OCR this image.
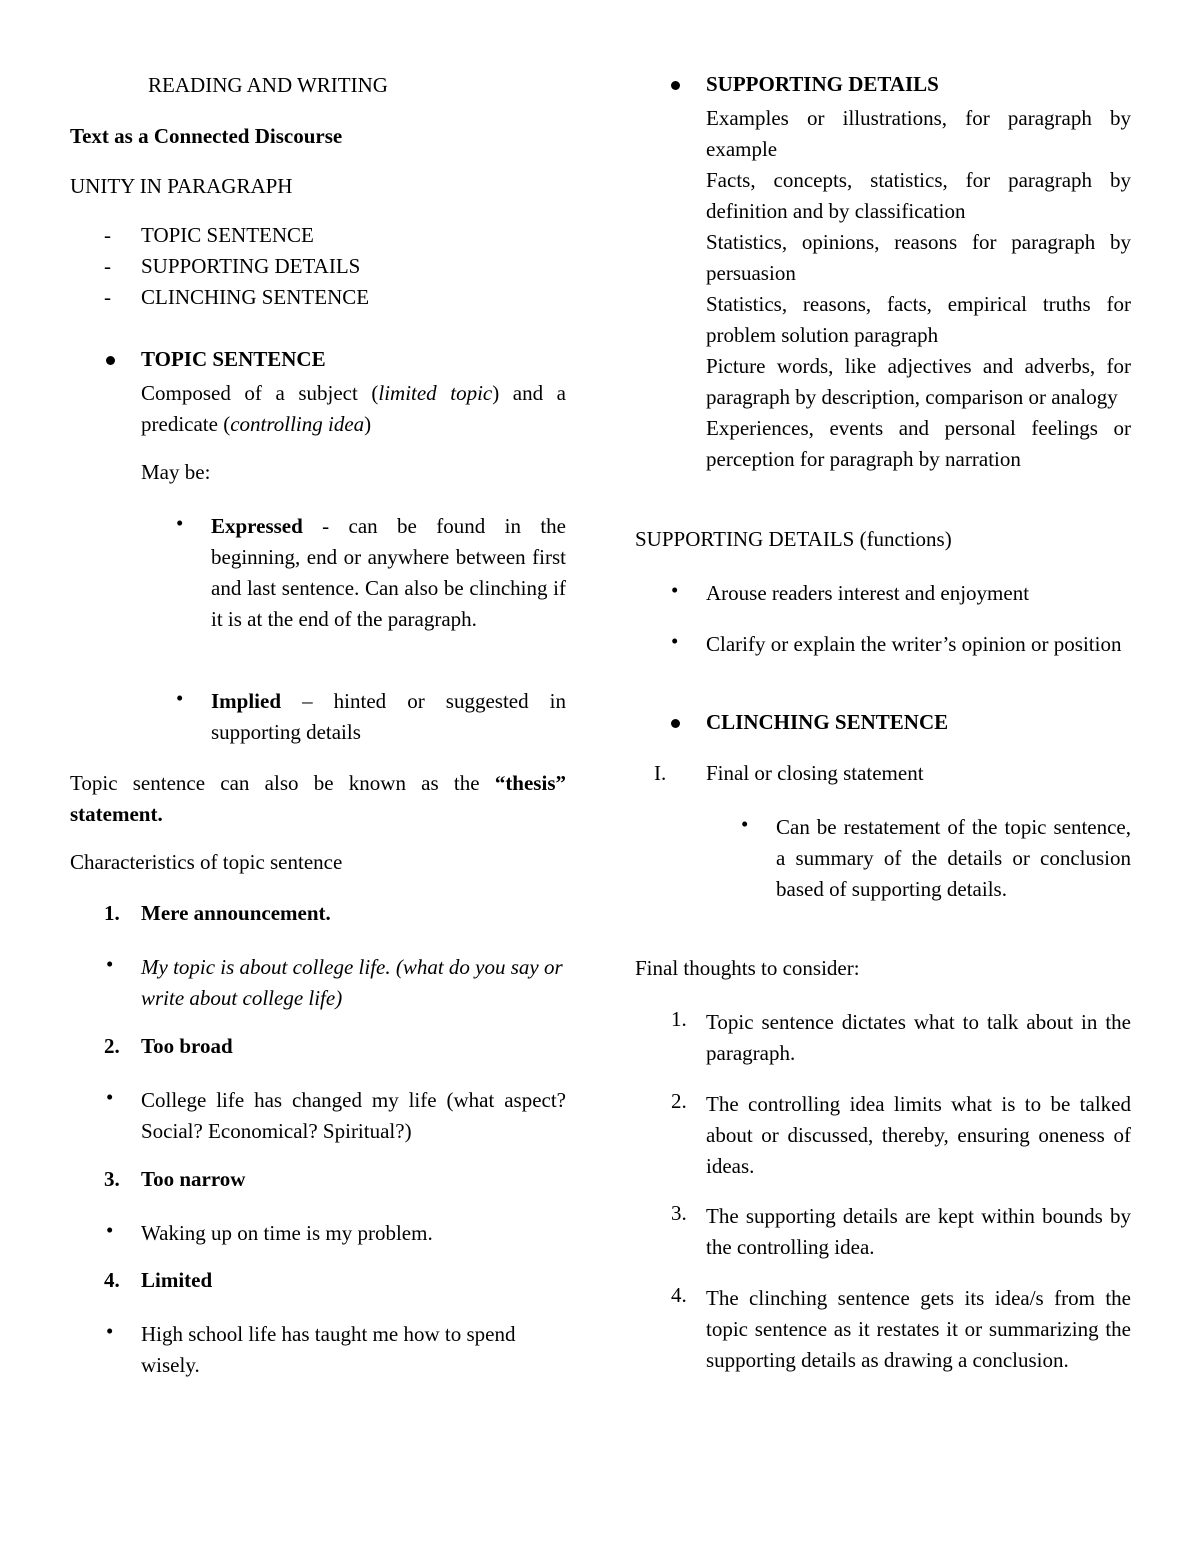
READING AND WRITING
Text as a Connected Discourse
UNITY IN PARAGRAPH
- TOPIC SENTENCE
- SUPPORTING DETAILS
- CLINCHING SENTENCE
TOPIC SENTENCE

Composed of a subject (limited topic) and a predicate (controlling idea)

May be:
• Expressed - can be found in the beginning, end or anywhere between first and last sentence. Can also be clinching if it is at the end of the paragraph.

• Implied – hinted or suggested in supporting details

Topic sentence can also be known as the “thesis” statement.

Characteristics of topic sentence
1. Mere announcement.
• My topic is about college life. (what do you say or write about college life)

2. Too broad
• College life has changed my life (what aspect? Social? Economical? Spiritual?)

3. Too narrow
• Waking up on time is my problem.

4. Limited
• High school life has taught me how to spend wisely.

SUPPORTING DETAILS

Examples or illustrations, for paragraph by example

Facts, concepts, statistics, for paragraph by definition and by classification

Statistics, opinions, reasons for paragraph by persuasion

Statistics, reasons, facts, empirical truths for problem solution paragraph

Picture words, like adjectives and adverbs, for paragraph by description, comparison or analogy

Experiences, events and personal feelings or perception for paragraph by narration

SUPPORTING DETAILS (functions)
• Arouse readers interest and enjoyment

• Clarify or explain the writer’s opinion or position

CLINCHING SENTENCE
I. Final or closing statement
• Can be restatement of the topic sentence, a summary of the details or conclusion based of supporting details.

Final thoughts to consider:
1. Topic sentence dictates what to talk about in the paragraph.

2. The controlling idea limits what is to be talked about or discussed, thereby, ensuring oneness of ideas.

3. The supporting details are kept within bounds by the controlling idea.

4. The clinching sentence gets its idea/s from the topic sentence as it restates it or summarizing the supporting details as drawing a conclusion.
